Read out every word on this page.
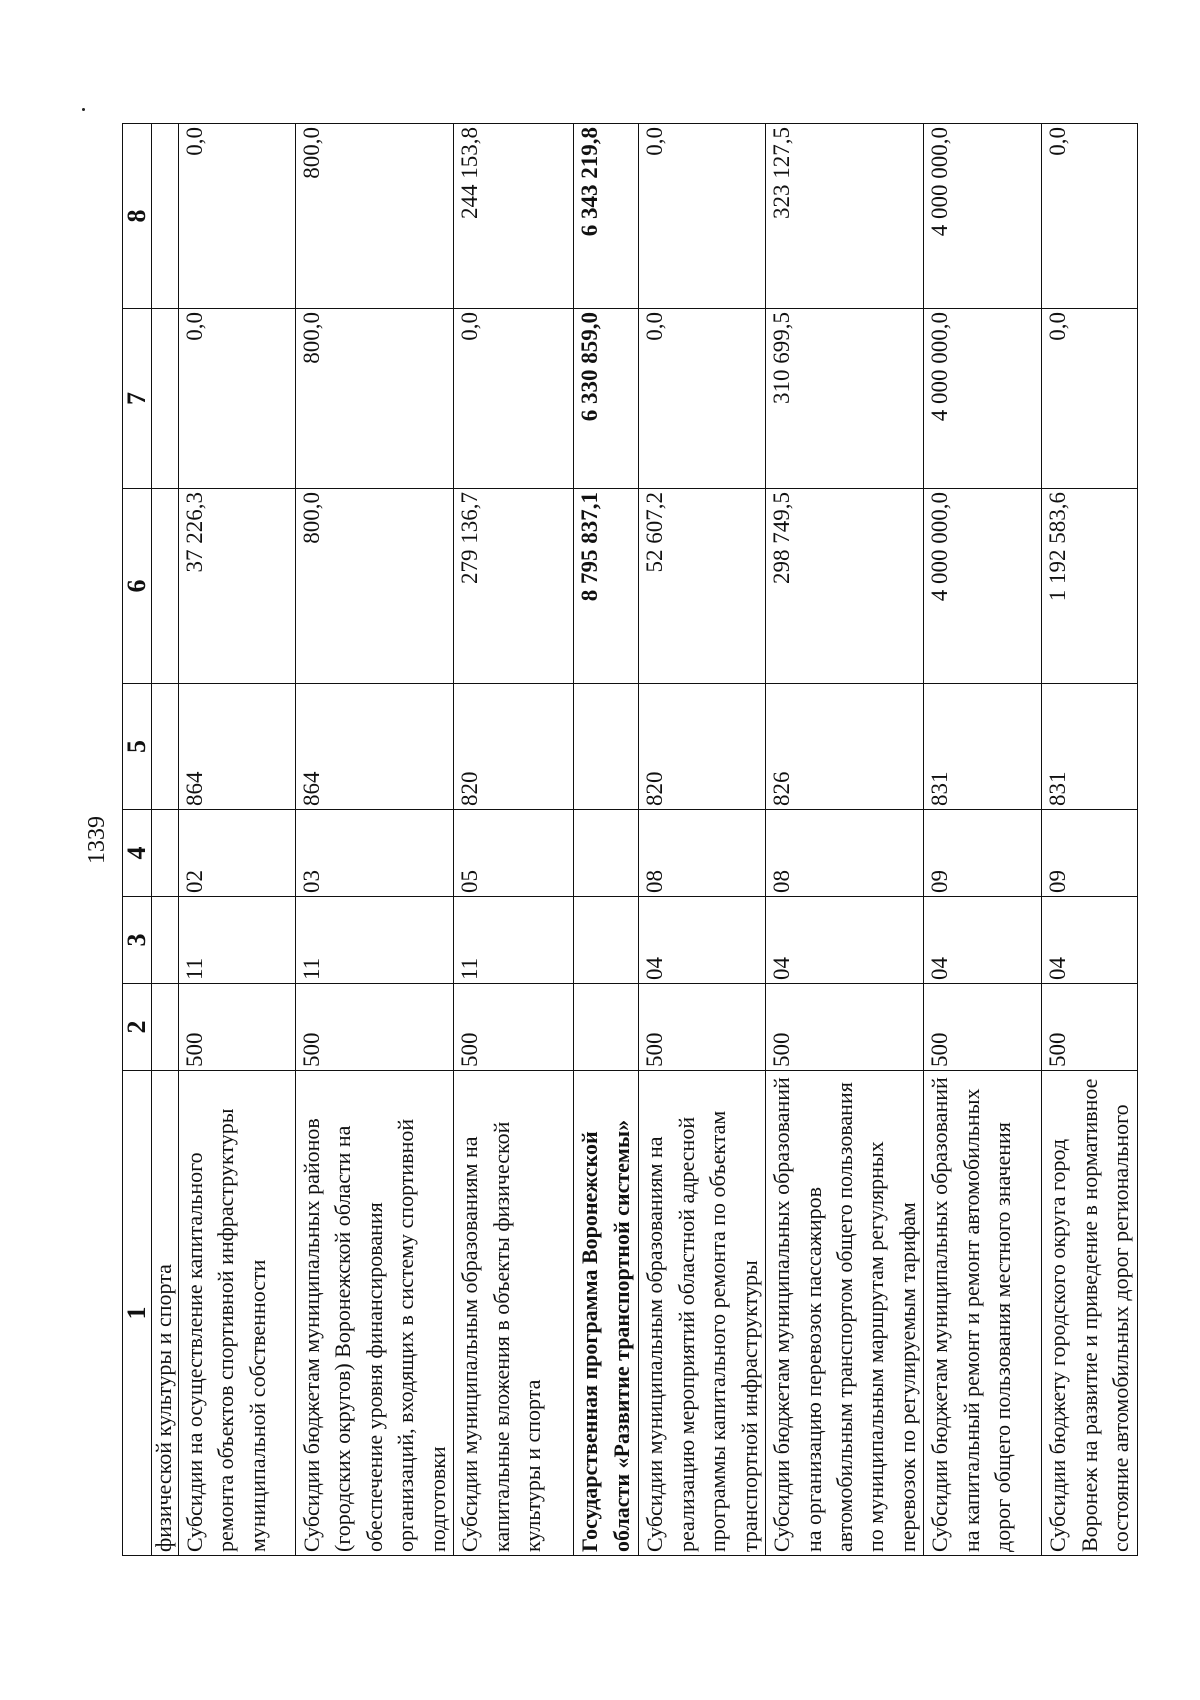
1339
1	2	3	4	5	6	7	8
физической культуры и спорта							
Субсидии на осуществление капитального ремонта объектов спортивной инфраструктуры муниципальной собственности	500	11	02	864	37 226,3	0,0	0,0
Субсидии бюджетам муниципальных районов (городских округов) Воронежской области на обеспечение уровня финансирования организаций, входящих в систему спортивной подготовки	500	11	03	864	800,0	800,0	800,0
Субсидии муниципальным образованиям на капитальные вложения в объекты физической культуры и спорта	500	11	05	820	279 136,7	0,0	244 153,8
Государственная программа Воронежской области «Развитие транспортной системы»					8 795 837,1	6 330 859,0	6 343 219,8
Субсидии муниципальным образованиям на реализацию мероприятий областной адресной программы капитального ремонта по объектам транспортной инфраструктуры	500	04	08	820	52 607,2	0,0	0,0
Субсидии бюджетам муниципальных образований на организацию перевозок пассажиров автомобильным транспортом общего пользования по муниципальным маршрутам регулярных перевозок по регулируемым тарифам	500	04	08	826	298 749,5	310 699,5	323 127,5
Субсидии бюджетам муниципальных образований на капитальный ремонт и ремонт автомобильных дорог общего пользования местного значения	500	04	09	831	4 000 000,0	4 000 000,0	4 000 000,0
Субсидии бюджету городского округа город Воронеж на развитие и приведение в нормативное состояние автомобильных дорог регионального	500	04	09	831	1 192 583,6	0,0	0,0
